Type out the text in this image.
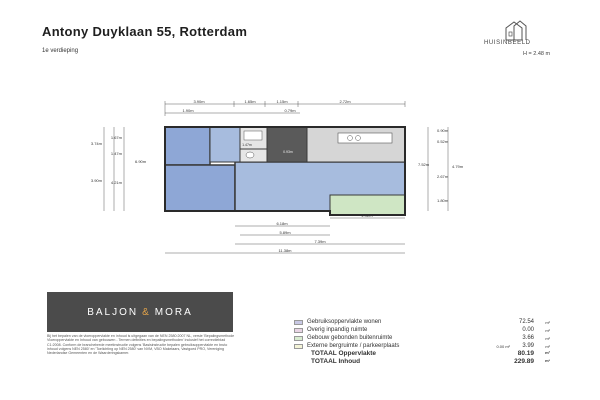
Antony Duyklaan 55, Rotterdam
1e verdieping
HUISINBEELD
H = 2.48 m
3.90m	1.65m	1.15m	2.72m
1.90m	0.79m
3.74m
3.90m
1.67m
1.47m
4.21m
6.90m
0.90m
0.52m
2.67m
1.80m
7.52m	4.79m
6.18m
5.89m
7.39m
11.38m
2.92m
1.47m
0.93m
BALJON & MORA
Bij het bepalen van de vloeroppervlakte en inhoud is uitgegaan van de NEN 2580:2007 NL, versie 'Bepalingsmethode Vloeroppervlakte en Inhoud van gebouwen - Termen definities en bepalingsmethoden' inclusief het correctieblad C1:2008. Conform de branchebrede meetinstructie volgens 'Basisinstructie bepalen gebruiksoppervlakte en bruto inhoud volgens NEN 2580' en 'Toelichting op NEN 2580' van NVM, VBO Makelaars, Vastgoed PRO, Vereniging Nederlandse Gemeenten en de Waarderingskamer.
Gebruiksoppervlakte wonen	72.54	m²
Overig inpandig ruimte	0.00	m²
Gebouw gebonden buitenruimte	3.66	m²
Externe bergruimte / parkeerplaats	0.00 m²	3.99	m²
TOTAAL Oppervlakte	80.19	m²
TOTAAL Inhoud	229.89	m³
